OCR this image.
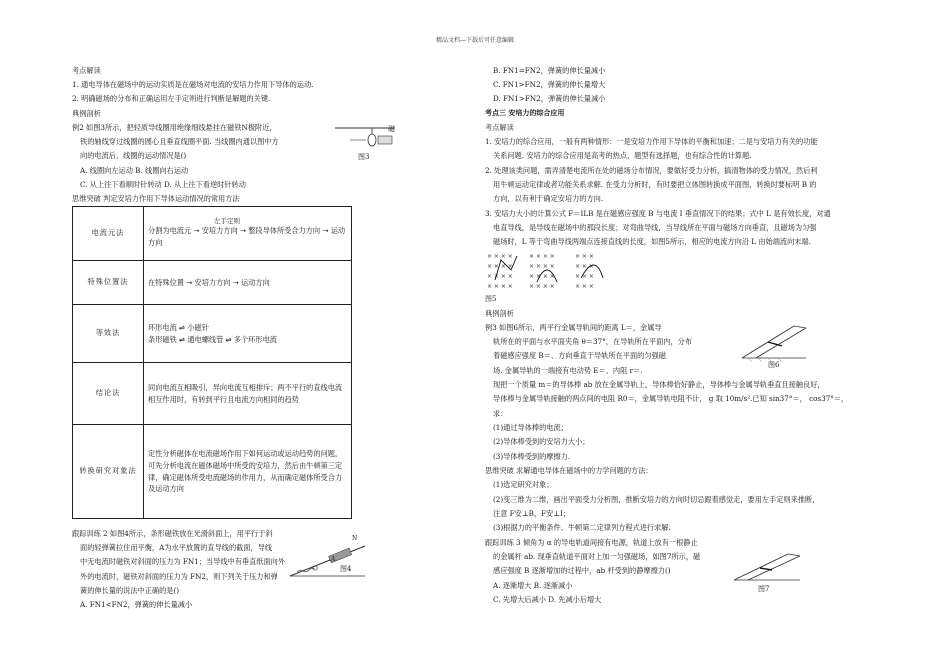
精品文档---下载后可任意编辑
考点解读
1. 通电导体在磁场中的运动实质是在磁场对电流的安培力作用下导体的运动.
2. 明确磁场的分布和正确运用左手定则进行判断是解题的关键.
典例剖析
例2 如图3所示，把轻质导线圈用绝缘细线悬挂在磁铁N极附近，
铁的轴线穿过线圈的圆心且垂直线圈平面. 当线圈内通以图中方
向的电流后，线圈的运动情况是()
A. 线圈向左运动 B. 线圈向右运动
C. 从上往下看顺时针转动 D. 从上往下看逆时针转动
思维突破 判定安培力作用下导体运动情况的常用方法
图3
磁
电流元法	左手定则
分割为电流元 → 安培力方向 → 整段导体所受合力方向 → 运动方向

特殊位置法	在特殊位置 → 安培力方向 → 运动方向
等效法	环形电流 ⇌ 小磁针
条形磁铁 ⇌ 通电螺线管 ⇌ 多个环形电流

结论法	同向电流互相吸引，异向电流互相排斥；两不平行的直线电流相互作用时，有转到平行且电流方向相同的趋势
转换研究对象法	定性分析磁体在电流磁场作用下如何运动或运动趋势的问题，可先分析电流在磁体磁场中所受的安培力，然后由牛顿第三定律，确定磁体所受电流磁场的作用力，从而确定磁体所受合力及运动方向
跟踪训练 2 如图4所示，条形磁铁放在光滑斜面上，用平行于斜
面的轻弹簧拉住而平衡，A为水平放置的直导线的截面，导线
中无电流时磁铁对斜面的压力为 FN1；当导线中有垂直纸面向外
外的电流时，磁铁对斜面的压力为 FN2，则下列关于压力和弹
簧的伸长量的说法中正确的是()
A. FN1<FN2，弹簧的伸长量减小
图4
N
A
B. FN1=FN2，弹簧的伸长量减小
C. FN1>FN2，弹簧的伸长量增大
D. FN1>FN2，弹簧的伸长量减小
考点三 安培力的综合应用
考点解读
1. 安培力的综合应用，一般有两种情形：一是安培力作用下导体的平衡和加速；二是与安培力有关的功能
关系问题. 安培力的综合应用是高考的热点，题型有选择题，也有综合性的计算题.
2. 处理该类问题，需弄清楚电流所在处的磁场分布情况，要做好受力分析，搞清物体的受力情况，然后利
用牛顿运动定律或者功能关系求解. 在受力分析时，有时要把立体图转换成平面图，转换时要标明 B 的
方向，以有利于确定安培力的方向.
3. 安培力大小的计算公式 F＝ILB 是在磁感应强度 B 与电流 I 垂直情况下的结果；式中 L 是有效长度，对通
电直导线，是导线在磁场中的那段长度；对弯曲导线，当导线所在平面与磁场方向垂直，且磁场为匀强
磁场时，L 等于弯曲导线两端点连接直线的长度，如图5所示，相应的电流方向沿 L 由始端流向末端.
× × × ×
× × × ×
× × × ×
× × × ×
× × × ×
× × × ×
× × × ×
× × × ×
× × ×
× × ×
× × ×
× × ×
图5
典例剖析
例3 如图6所示，两平行金属导轨间的距离 L＝，金属导
轨所在的平面与水平面夹角 θ＝37°，在导轨所在平面内，分布
着磁感应强度 B＝、方向垂直于导轨所在平面的匀强磁
场. 金属导轨的一端接有电动势 E＝、内阻 r＝.
现把一个质量 m＝的导体棒 ab 放在金属导轨上，导体棒恰好静止，导体棒与金属导轨垂直且接触良好，
导体棒与金属导轨接触的两点间的电阻 R0＝，金属导轨电阻不计， g 取 10m/s².已知 sin37°＝， cos37°＝，
求：
(1)通过导体棒的电流；
(2)导体棒受到的安培力大小；
(3)导体棒受到的摩擦力.
思维突破 求解通电导体在磁场中的力学问题的方法：
(1)选定研究对象；
(2)变三维为二维，画出平面受力分析图，推断安培力的方向时切忌跟着感觉走，要用左手定则来推断，
注意 F安⊥B，F安⊥I；
(3)根据力的平衡条件、牛顿第二定律列方程式进行求解.
跟踪训练 3 倾角为 α 的导电轨道间接有电源，轨道上放有一根静止
的金属杆 ab. 现垂直轨道平面对上加一匀强磁场，如图7所示，磁
感应强度 B 逐渐增加的过程中，ab 杆受到的静摩擦力()
A. 逐渐增大 B. 逐渐减小
C. 先增大后减小 D. 先减小后增大
图6
图7
